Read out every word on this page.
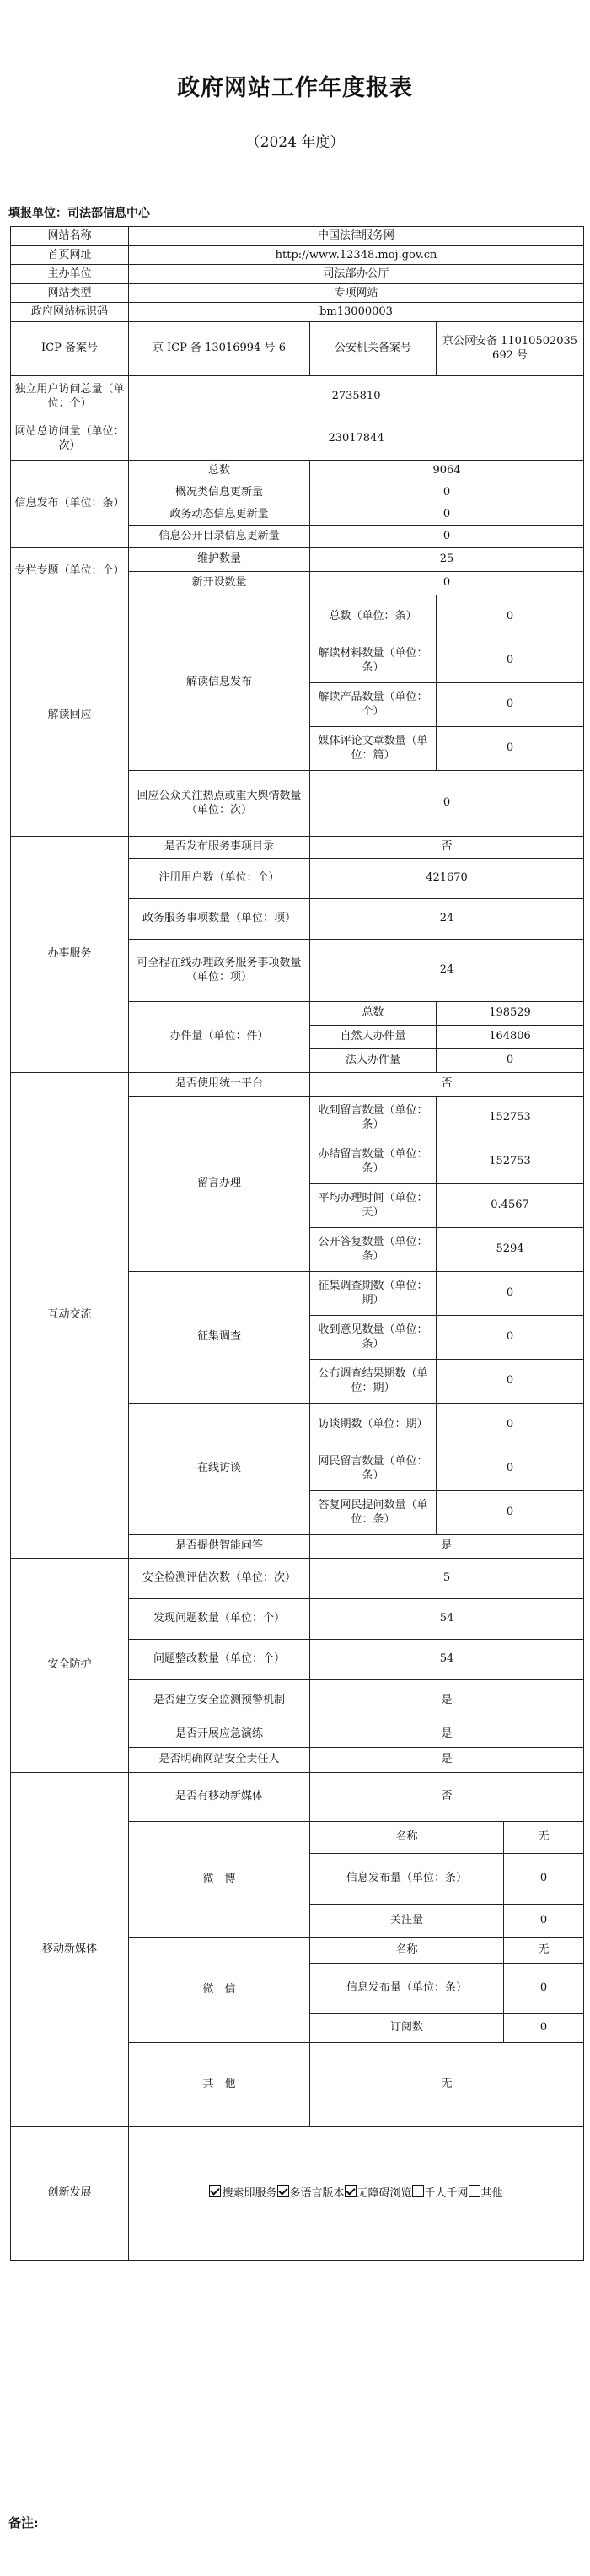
政府网站工作年度报表
（2024 年度）
填报单位：司法部信息中心
网站名称	中国法律服务网			
首页网址	http://www.12348.moj.gov.cn			
主办单位	司法部办公厅			
网站类型	专项网站			
政府网站标识码	bm13000003			
ICP 备案号	京 ICP 备 13016994 号-6	公安机关备案号	京公网安备 11010502035692 号	
独立用户访问总量（单位：个）	2735810			
网站总访问量（单位：次）	23017844			
信息发布（单位：条）	总数	9064		
	概况类信息更新量	0		
	政务动态信息更新量	0		
	信息公开目录信息更新量	0		
专栏专题（单位：个）	维护数量	25		
	新开设数量	0		
解读回应	解读信息发布	总数（单位：条）	0	
		解读材料数量（单位：条）	0	
		解读产品数量（单位：个）	0	
		媒体评论文章数量（单位：篇）	0	
	回应公众关注热点或重大舆情数量（单位：次）	0		
办事服务	是否发布服务事项目录	否		
	注册用户数（单位：个）	421670		
	政务服务事项数量（单位：项）	24		
	可全程在线办理政务服务事项数量（单位：项）	24		
	办件量（单位：件）	总数	198529	
		自然人办件量	164806	
		法人办件量	0	
互动交流	是否使用统一平台	否		
	留言办理	收到留言数量（单位：条）	152753	
		办结留言数量（单位：条）	152753	
		平均办理时间（单位：天）	0.4567	
		公开答复数量（单位：条）	5294	
	征集调查	征集调查期数（单位：期）	0	
		收到意见数量（单位：条）	0	
		公布调查结果期数（单位：期）	0	
	在线访谈	访谈期数（单位：期）	0	
		网民留言数量（单位：条）	0	
		答复网民提问数量（单位：条）	0	
	是否提供智能问答	是		
安全防护	安全检测评估次数（单位：次）	5		
	发现问题数量（单位：个）	54		
	问题整改数量（单位：个）	54		
	是否建立安全监测预警机制	是		
	是否开展应急演练	是		
	是否明确网站安全责任人	是		
移动新媒体	是否有移动新媒体	否		
	微　博	名称		无
		信息发布量（单位：条）		0
		关注量		0
	微　信	名称		无
		信息发布量（单位：条）		0
		订阅数		0
	其　他	无		
创新发展	搜索即服务 多语言版本 无障碍浏览 千人千网 其他			
备注:
